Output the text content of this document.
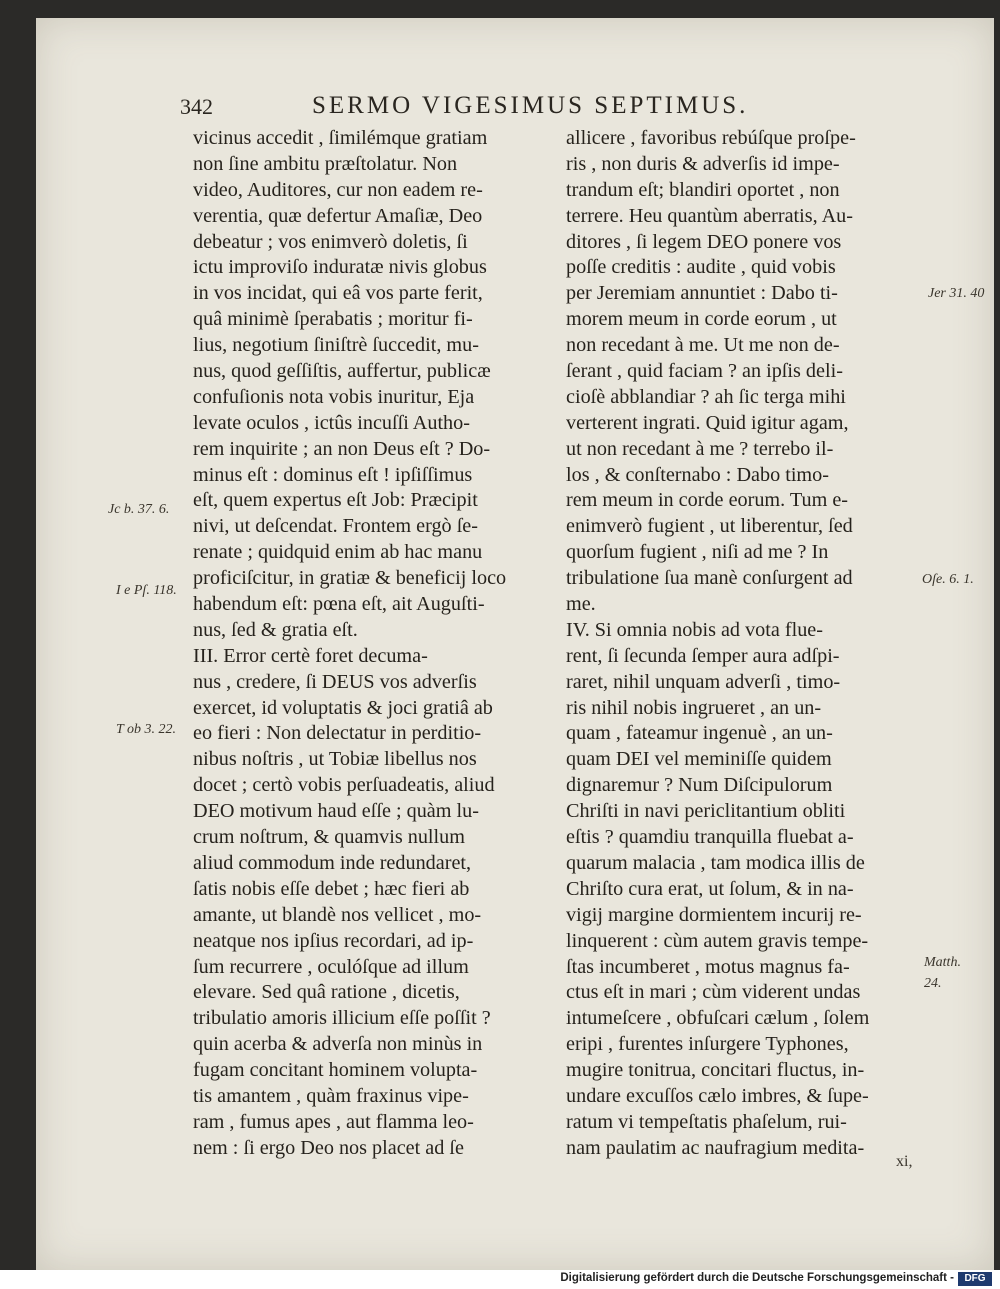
342	SERMO VIGESIMUS SEPTIMUS.
vicinus accedit , ſimilémque gratiam
non ſine ambitu præſtolatur. Non
video, Auditores, cur non eadem re-
verentia, quæ defertur Amaſiæ, Deo
debeatur ; vos enimverò doletis, ſi
ictu improviſo induratæ nivis globus
in vos incidat, qui eâ vos parte ferit,
quâ minimè ſperabatis ; moritur fi-
lius, negotium ſiniſtrè ſuccedit, mu-
nus, quod geſſiſtis, auffertur, publicæ
confuſionis nota vobis inuritur, Eja
levate oculos , ictûs incuſſi Autho-
rem inquirite ; an non Deus eſt ? Do-
minus eſt : dominus eſt ! ipſiſſimus
eſt, quem expertus eſt Job: Præcipit
nivi, ut deſcendat. Frontem ergò ſe-
renate ; quidquid enim ab hac manu
proficiſcitur, in gratiæ & beneficij loco
habendum eſt: pœna eſt, ait Auguſti-
nus, ſed & gratia eſt.
III. Error certè foret decuma-
nus , credere, ſi DEUS vos adverſis
exercet, id voluptatis & joci gratiâ ab
eo fieri : Non delectatur in perditio-
nibus noſtris , ut Tobiæ libellus nos
docet ; certò vobis perſuadeatis, aliud
DEO motivum haud eſſe ; quàm lu-
crum noſtrum, & quamvis nullum
aliud commodum inde redundaret,
ſatis nobis eſſe debet ; hæc fieri ab
amante, ut blandè nos vellicet , mo-
neatque nos ipſius recordari, ad ip-
ſum recurrere , oculóſque ad illum
elevare. Sed quâ ratione , dicetis,
tribulatio amoris illicium eſſe poſſit ?
quin acerba & adverſa non minùs in
fugam concitant hominem volupta-
tis amantem , quàm fraxinus vipe-
ram , fumus apes , aut flamma leo-
nem : ſi ergo Deo nos placet ad ſe
allicere , favoribus rebúſque proſpe-
ris , non duris & adverſis id impe-
trandum eſt; blandiri oportet , non
terrere. Heu quantùm aberratis, Au-
ditores , ſi legem DEO ponere vos
poſſe creditis : audite , quid vobis
per Jeremiam annuntiet : Dabo ti-
morem meum in corde eorum , ut
non recedant à me. Ut me non de-
ſerant , quid faciam ? an ipſis deli-
cioſè abblandiar ? ah ſic terga mihi
verterent ingrati. Quid igitur agam,
ut non recedant à me ? terrebo il-
los , & conſternabo : Dabo timo-
rem meum in corde eorum. Tum e-
enimverò fugient , ut liberentur, ſed
quorſum fugient , niſi ad me ? In
tribulatione ſua manè conſurgent ad
me.
IV. Si omnia nobis ad vota flue-
rent, ſi ſecunda ſemper aura adſpi-
raret, nihil unquam adverſi , timo-
ris nihil nobis ingrueret , an un-
quam , fateamur ingenuè , an un-
quam DEI vel meminiſſe quidem
dignaremur ? Num Diſcipulorum
Chriſti in navi periclitantium obliti
eſtis ? quamdiu tranquilla fluebat a-
quarum malacia , tam modica illis de
Chriſto cura erat, ut ſolum, & in na-
vigij margine dormientem incurij re-
linquerent : cùm autem gravis tempe-
ſtas incumberet , motus magnus fa-
ctus eſt in mari ; cùm viderent undas
intumeſcere , obfuſcari cælum , ſolem
eripi , furentes inſurgere Typhones,
mugire tonitrua, concitari fluctus, in-
undare excuſſos cælo imbres, & ſupe-
ratum vi tempeſtatis phaſelum, rui-
nam paulatim ac naufragium medita-
Jc b. 37. 6.
I e Pſ. 118.
T ob 3. 22.
Jer 31. 40
Oſe. 6. 1.
Matth.
24.
xi,
Digitalisierung gefördert durch die Deutsche Forschungsgemeinschaft -	DFG
